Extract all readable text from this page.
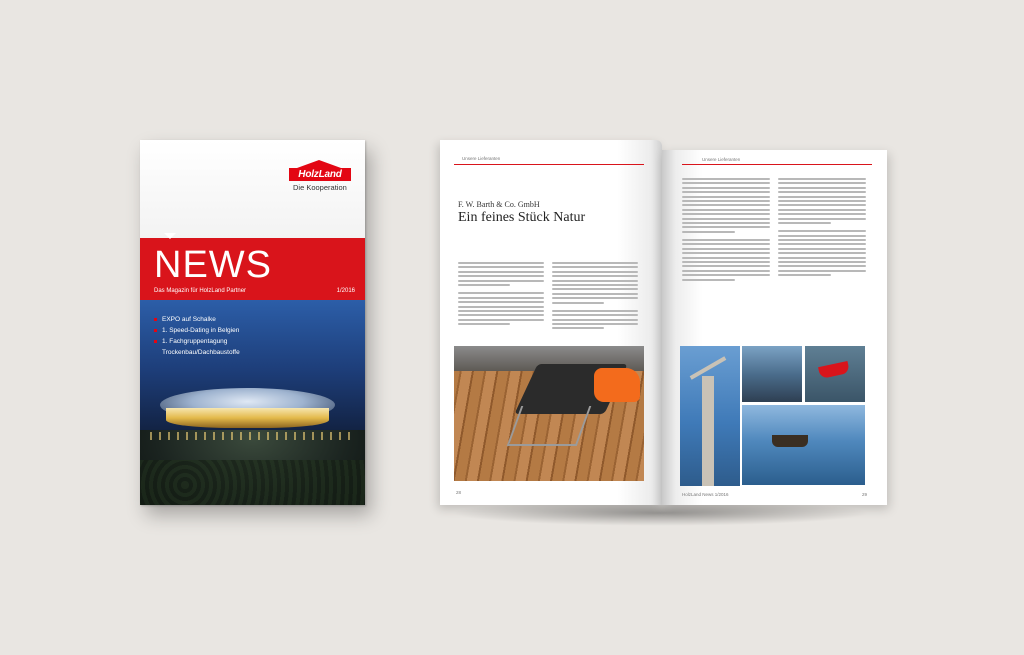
HolzLand
Die Kooperation
NEWS
Das Magazin für HolzLand Partner	1/2016
EXPO auf Schalke
1. Speed-Dating in Belgien
1. Fachgruppentagung
Trockenbau/Dachbaustoffe
Unsere Lieferanten
F. W. Barth & Co. GmbH
Ein feines Stück Natur
28
Unsere Lieferanten
HolzLand News 1/2016	29
